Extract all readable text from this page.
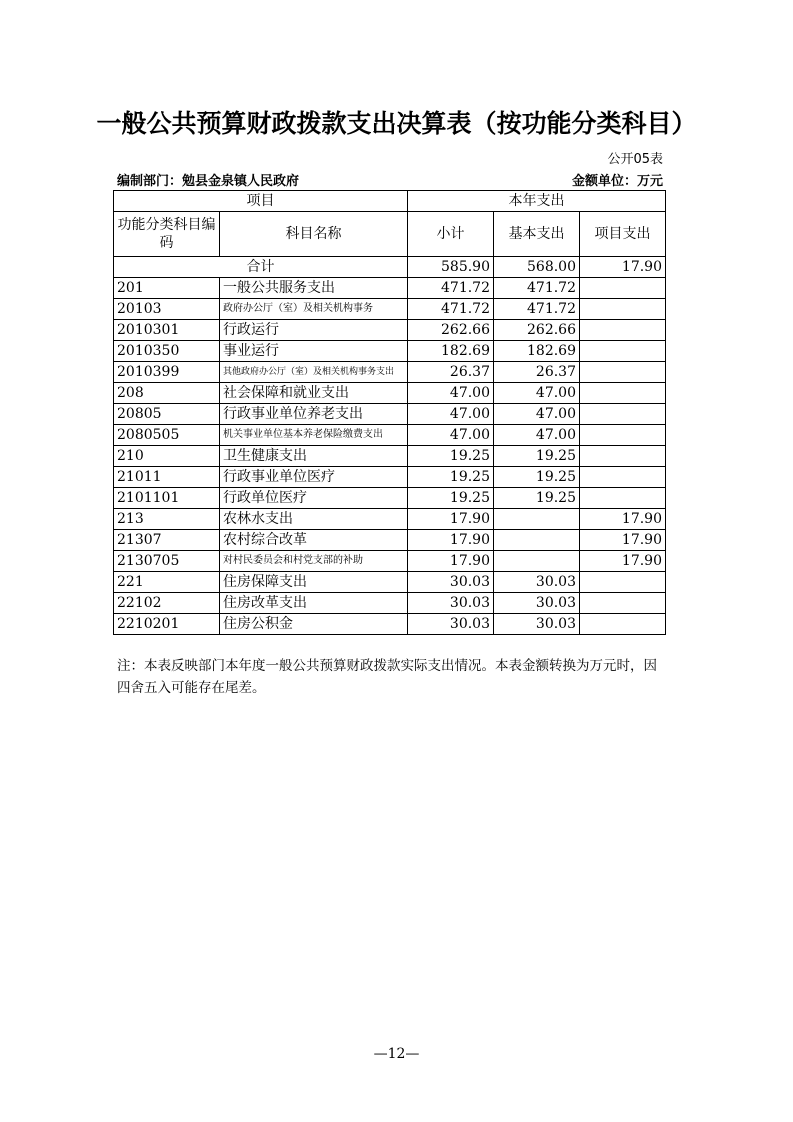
一般公共预算财政拨款支出决算表（按功能分类科目）
公开05表
编制部门：勉县金泉镇人民政府	金额单位：万元
项目		本年支出		
功能分类科目编码	科目名称	小计	基本支出	项目支出
合计		585.90	568.00	17.90
201	一般公共服务支出	471.72	471.72	
20103	政府办公厅（室）及相关机构事务	471.72	471.72	
2010301	行政运行	262.66	262.66	
2010350	事业运行	182.69	182.69	
2010399	其他政府办公厅（室）及相关机构事务支出	26.37	26.37	
208	社会保障和就业支出	47.00	47.00	
20805	行政事业单位养老支出	47.00	47.00	
2080505	机关事业单位基本养老保险缴费支出	47.00	47.00	
210	卫生健康支出	19.25	19.25	
21011	行政事业单位医疗	19.25	19.25	
2101101	行政单位医疗	19.25	19.25	
213	农林水支出	17.90		17.90
21307	农村综合改革	17.90		17.90
2130705	对村民委员会和村党支部的补助	17.90		17.90
221	住房保障支出	30.03	30.03	
22102	住房改革支出	30.03	30.03	
2210201	住房公积金	30.03	30.03	
注：本表反映部门本年度一般公共预算财政拨款实际支出情况。本表金额转换为万元时，因四舍五入可能存在尾差。
—12—
